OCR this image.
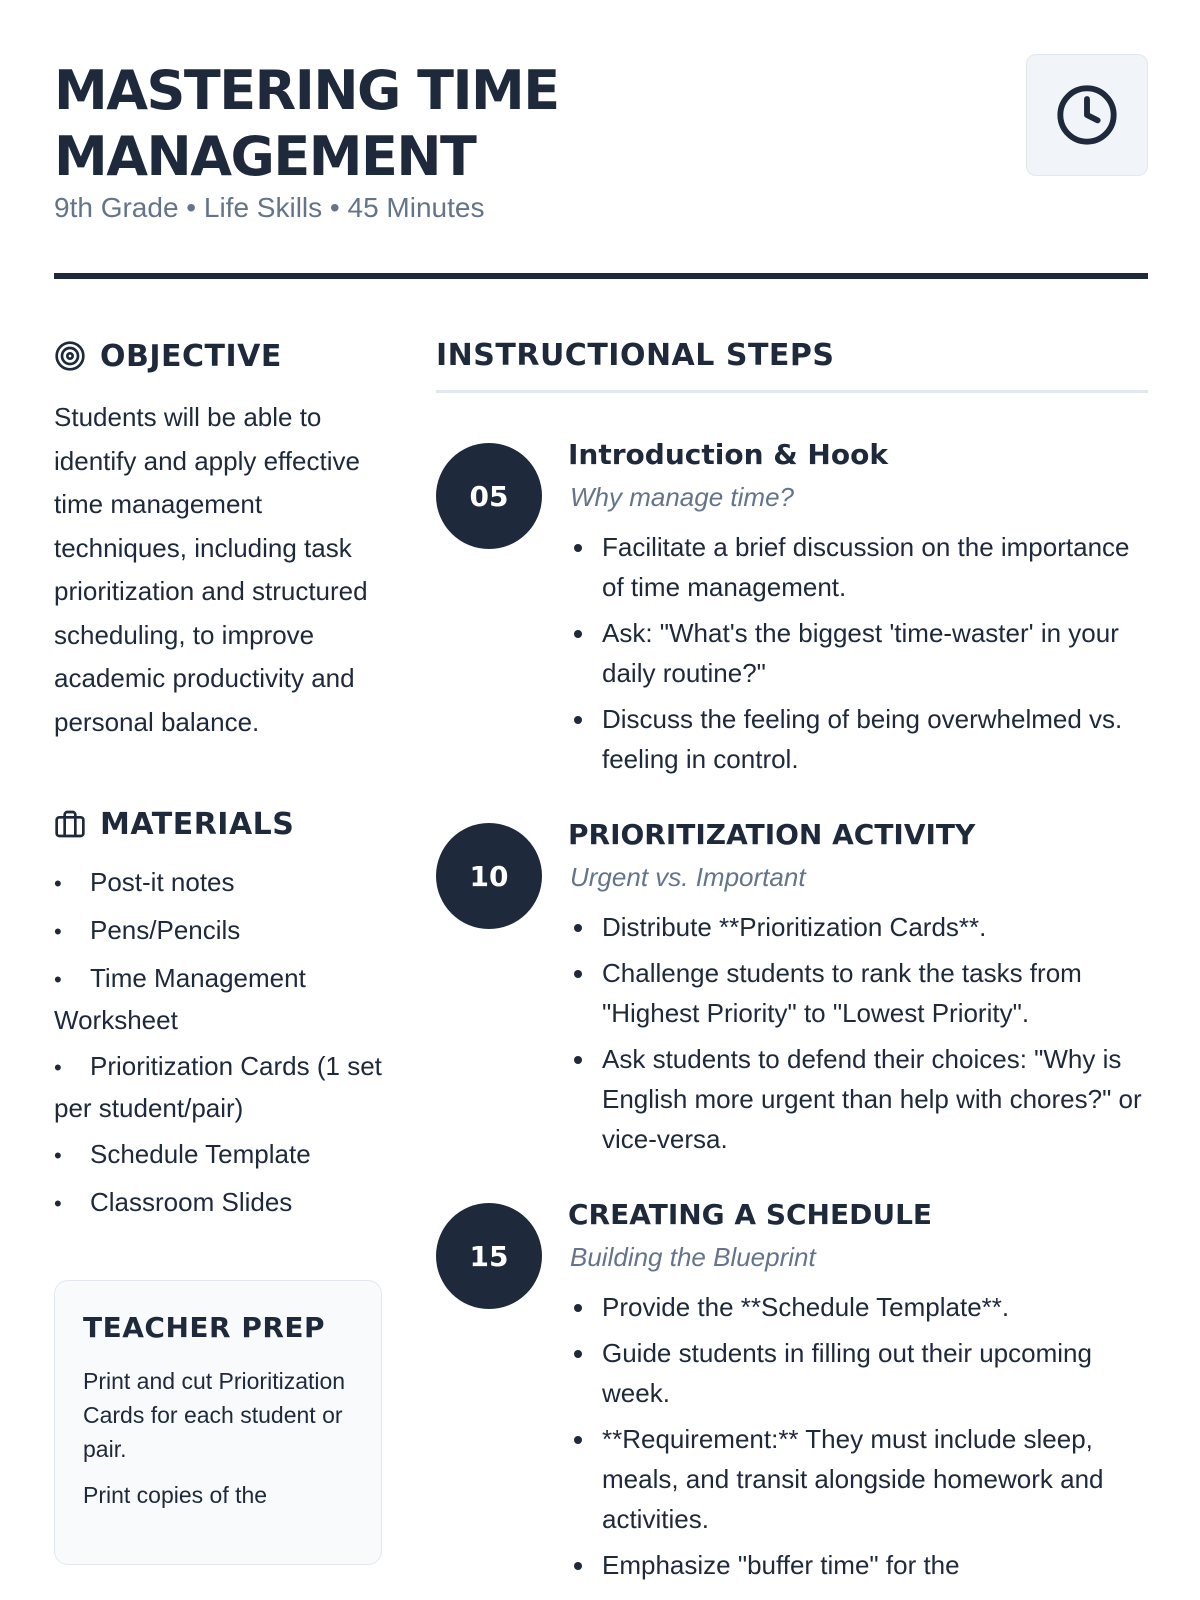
MASTERING TIME MANAGEMENT

9th Grade • Life Skills • 45 Minutes

OBJECTIVE

Students will be able to identify and apply effective time management techniques, including task prioritization and structured scheduling, to improve academic productivity and personal balance.

MATERIALS
• Post-it notes
• Pens/Pencils
• Time Management Worksheet
• Prioritization Cards (1 set per student/pair)
• Schedule Template
• Classroom Slides

TEACHER PREP

Print and cut Prioritization Cards for each student or pair.

Print copies of the

INSTRUCTIONAL STEPS
05
Introduction & Hook

Why manage time?

Facilitate a brief discussion on the importance of time management.
Ask: "What's the biggest 'time-waster' in your daily routine?"
Discuss the feeling of being overwhelmed vs. feeling in control.
10
PRIORITIZATION ACTIVITY

Urgent vs. Important

Distribute **Prioritization Cards**.
Challenge students to rank the tasks from "Highest Priority" to "Lowest Priority".
Ask students to defend their choices: "Why is English more urgent than help with chores?" or vice-versa.
15
CREATING A SCHEDULE

Building the Blueprint

Provide the **Schedule Template**.
Guide students in filling out their upcoming week.
**Requirement:** They must include sleep, meals, and transit alongside homework and activities.
Emphasize "buffer time" for the
